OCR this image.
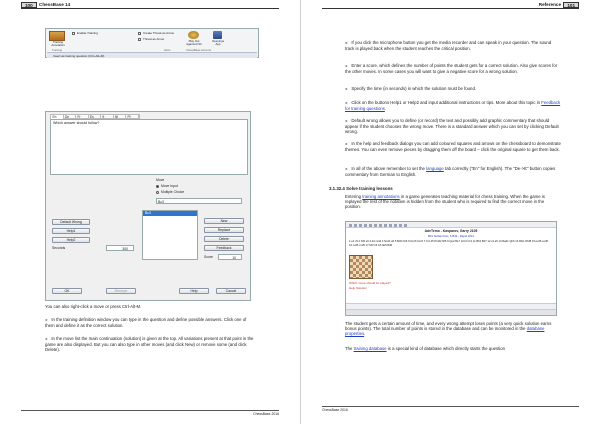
100	ChessBase 14
Training
Annotation
Training
Enable Training	Create Threat as Arrow
Threat as Arrow
Hints
Play Out
Against Fritz
Openings
App
ChessBase Account
Insert as training question (Ctrl+Alt+M)
En	De	Fr	Es	It	Nl	Pt
Which answer should follow?
Move
Move Input
Multiple Choice
Bc3
Default Wrong
Help1
Help2
Seconds	300
Bc3
New
Replace
Delete
Feedback
Score	10
OK	Remove	Help	Cancel

You can also right-click a move or press Ctrl-Alt-M.

► In the training definition window you can type in the question and define possible answers. Click one of them and define it as the correct solution.

► In the move list the main continuation (solution) is given at the top. All variations present at that point in the game are also displayed. But you can also type in other moves (and click New) or remove some (and click Delete).

ChessBase 2016
Reference	101

► If you click the microphone button you get the media recorder and can speak in your question. The sound track is played back when the student reaches the critical position.

► Enter a score, which defines the number of points the student gets for a correct solution. Also give scores for the other moves. In some cases you will want to give a negative score for a wrong solution.

► Specify the time (in seconds) in which the solution must be found.

► Click on the buttons Help1 or Help2 and input additional instructions or tips. More about this topic in Feedback for training questions.

► Default wrong allows you to define (or record) the text and possibly add graphic commentary that should appear if the student chooses the wrong move. There is a standard answer which you can set by clicking Default wrong.

► In the help and feedback dialogs you can add coloured squares and arrows on the chessboard to demonstrate themes. You can even remove pieces by dragging them off the board – click the original square to get them back.

► In all of the above remember to set the language tab correctly ("En" for English). The "De->E" button copies commentary from German to English.

3.1.32.4 Solve training lessons

Entering training annotations in a game generates teaching material for chess training. When the game is replayed the rest of the notation is hidden from the student who is required to find the correct move in the position.

AdeTemo - Kasparov, Garry 2105
B41 Sicilian Kan, 6 Bd3 - Rapid 2012
1.e4 c5 2.Nf3 e6 3.d4 cxd4 4.Nxd4 a6 5.Bd3 Nc6 6.Nxc6 bxc6 7.0-0 d5 8.Nd2 Nf6 9.Qe2 Be7 10.b3 0-0 11.Bb2 Bb7 12.c4 a5 13.Rad1 Qb6 14.Rfe1 Rfd8 15.exd5 exd5 16.cxd5 cxd5 17.Nf3 h6 18.Ne5 Bd6
Which move should be played?
Help Solution

The student gets a certain amount of time, and every wrong attempt loses points (a very quick solution earns bonus points). The total number of points is stored in the database and can be monitored in the database properties.

The training database is a special kind of database which directly starts the question

ChessBase 2016
